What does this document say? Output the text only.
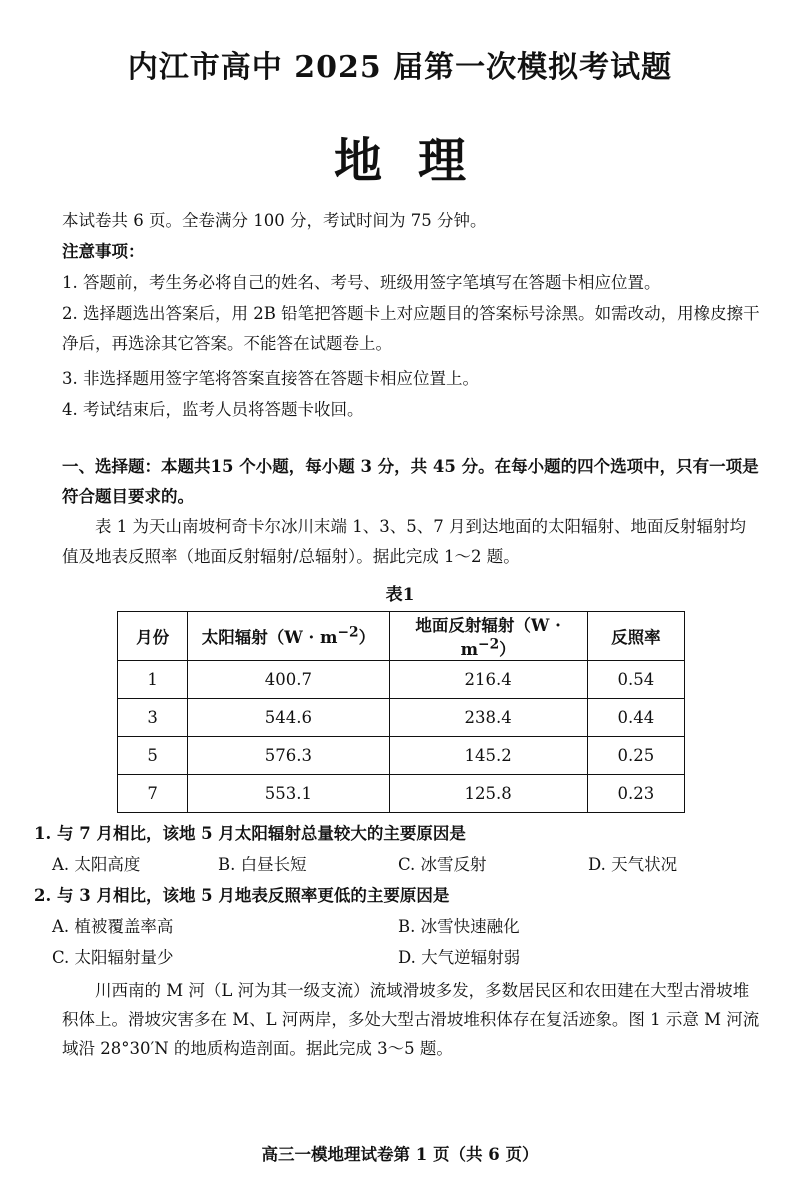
内江市高中 2025 届第一次模拟考试题
地理

本试卷共 6 页。全卷满分 100 分，考试时间为 75 分钟。

注意事项：

1. 答题前，考生务必将自己的姓名、考号、班级用签字笔填写在答题卡相应位置。

2. 选择题选出答案后，用 2B 铅笔把答题卡上对应题目的答案标号涂黑。如需改动，用橡皮擦干净后，再选涂其它答案。不能答在试题卷上。

3. 非选择题用签字笔将答案直接答在答题卡相应位置上。

4. 考试结束后，监考人员将答题卡收回。

一、选择题：本题共15 个小题，每小题 3 分，共 45 分。在每小题的四个选项中，只有一项是符合题目要求的。

表 1 为天山南坡柯奇卡尔冰川末端 1、3、5、7 月到达地面的太阳辐射、地面反射辐射均值及地表反照率（地面反射辐射/总辐射）。据此完成 1～2 题。

表1
月份	太阳辐射$(W \cdot m^{-2})$	地面反射辐射$(W \cdot m^{-2})$	反照率
1	400.7	216.4	0.54
3	544.6	238.4	0.44
5	576.3	145.2	0.25
7	553.1	125.8	0.23
1. 与 7 月相比，该地 5 月太阳辐射总量较大的主要原因是
A. 太阳高度	B. 白昼长短	C. 冰雪反射	D. 天气状况
2. 与 3 月相比，该地 5 月地表反照率更低的主要原因是
A. 植被覆盖率高	B. 冰雪快速融化
C. 太阳辐射量少	D. 大气逆辐射弱

川西南的 M 河（L 河为其一级支流）流域滑坡多发，多数居民区和农田建在大型古滑坡堆积体上。滑坡灾害多在 M、L 河两岸，多处大型古滑坡堆积体存在复活迹象。图 1 示意 M 河流域沿 28°30′N 的地质构造剖面。据此完成 3～5 题。

高三一模地理试卷第 1 页（共 6 页）
